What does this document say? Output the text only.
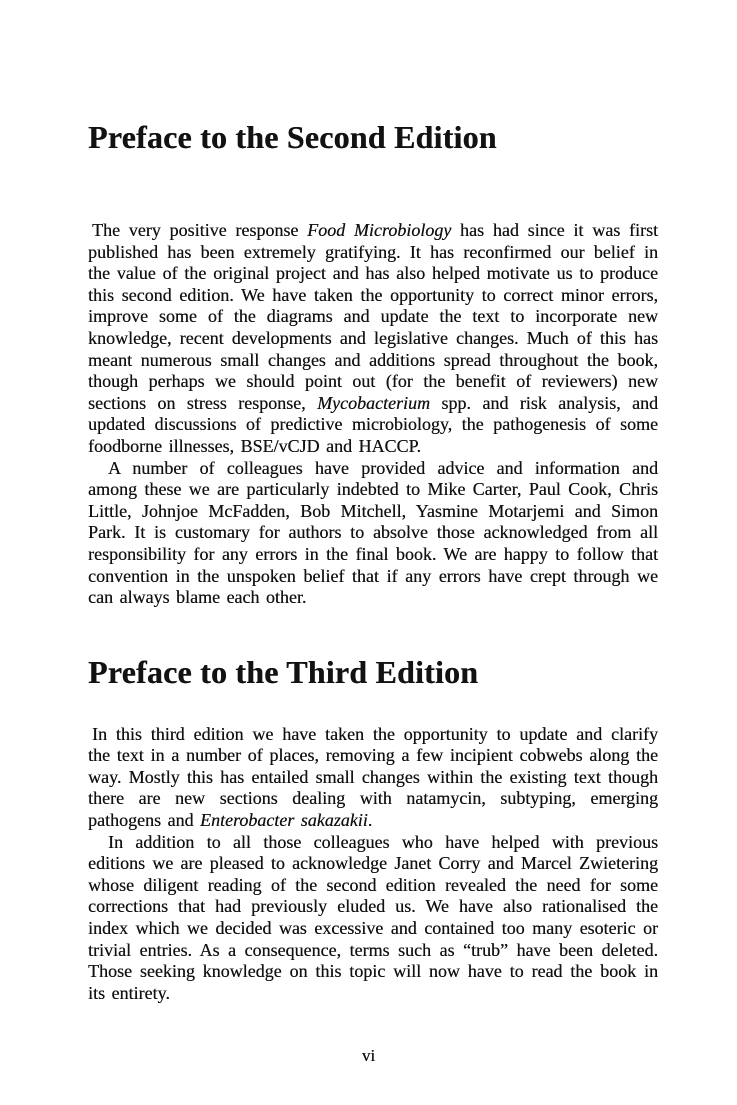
Preface to the Second Edition

The very positive response Food Microbiology has had since it was first published has been extremely gratifying. It has reconfirmed our belief in the value of the original project and has also helped motivate us to produce this second edition. We have taken the opportunity to correct minor errors, improve some of the diagrams and update the text to incorporate new knowledge, recent developments and legislative changes. Much of this has meant numerous small changes and additions spread throughout the book, though perhaps we should point out (for the benefit of reviewers) new sections on stress response, Mycobacterium spp. and risk analysis, and updated discussions of predictive microbiology, the pathogenesis of some foodborne illnesses, BSE/vCJD and HACCP.

A number of colleagues have provided advice and information and among these we are particularly indebted to Mike Carter, Paul Cook, Chris Little, Johnjoe McFadden, Bob Mitchell, Yasmine Motarjemi and Simon Park. It is customary for authors to absolve those acknowledged from all responsibility for any errors in the final book. We are happy to follow that convention in the unspoken belief that if any errors have crept through we can always blame each other.

Preface to the Third Edition

In this third edition we have taken the opportunity to update and clarify the text in a number of places, removing a few incipient cobwebs along the way. Mostly this has entailed small changes within the existing text though there are new sections dealing with natamycin, subtyping, emerging pathogens and Enterobacter sakazakii.

In addition to all those colleagues who have helped with previous editions we are pleased to acknowledge Janet Corry and Marcel Zwietering whose diligent reading of the second edition revealed the need for some corrections that had previously eluded us. We have also rationalised the index which we decided was excessive and contained too many esoteric or trivial entries. As a consequence, terms such as “trub” have been deleted. Those seeking knowledge on this topic will now have to read the book in its entirety.

vi
